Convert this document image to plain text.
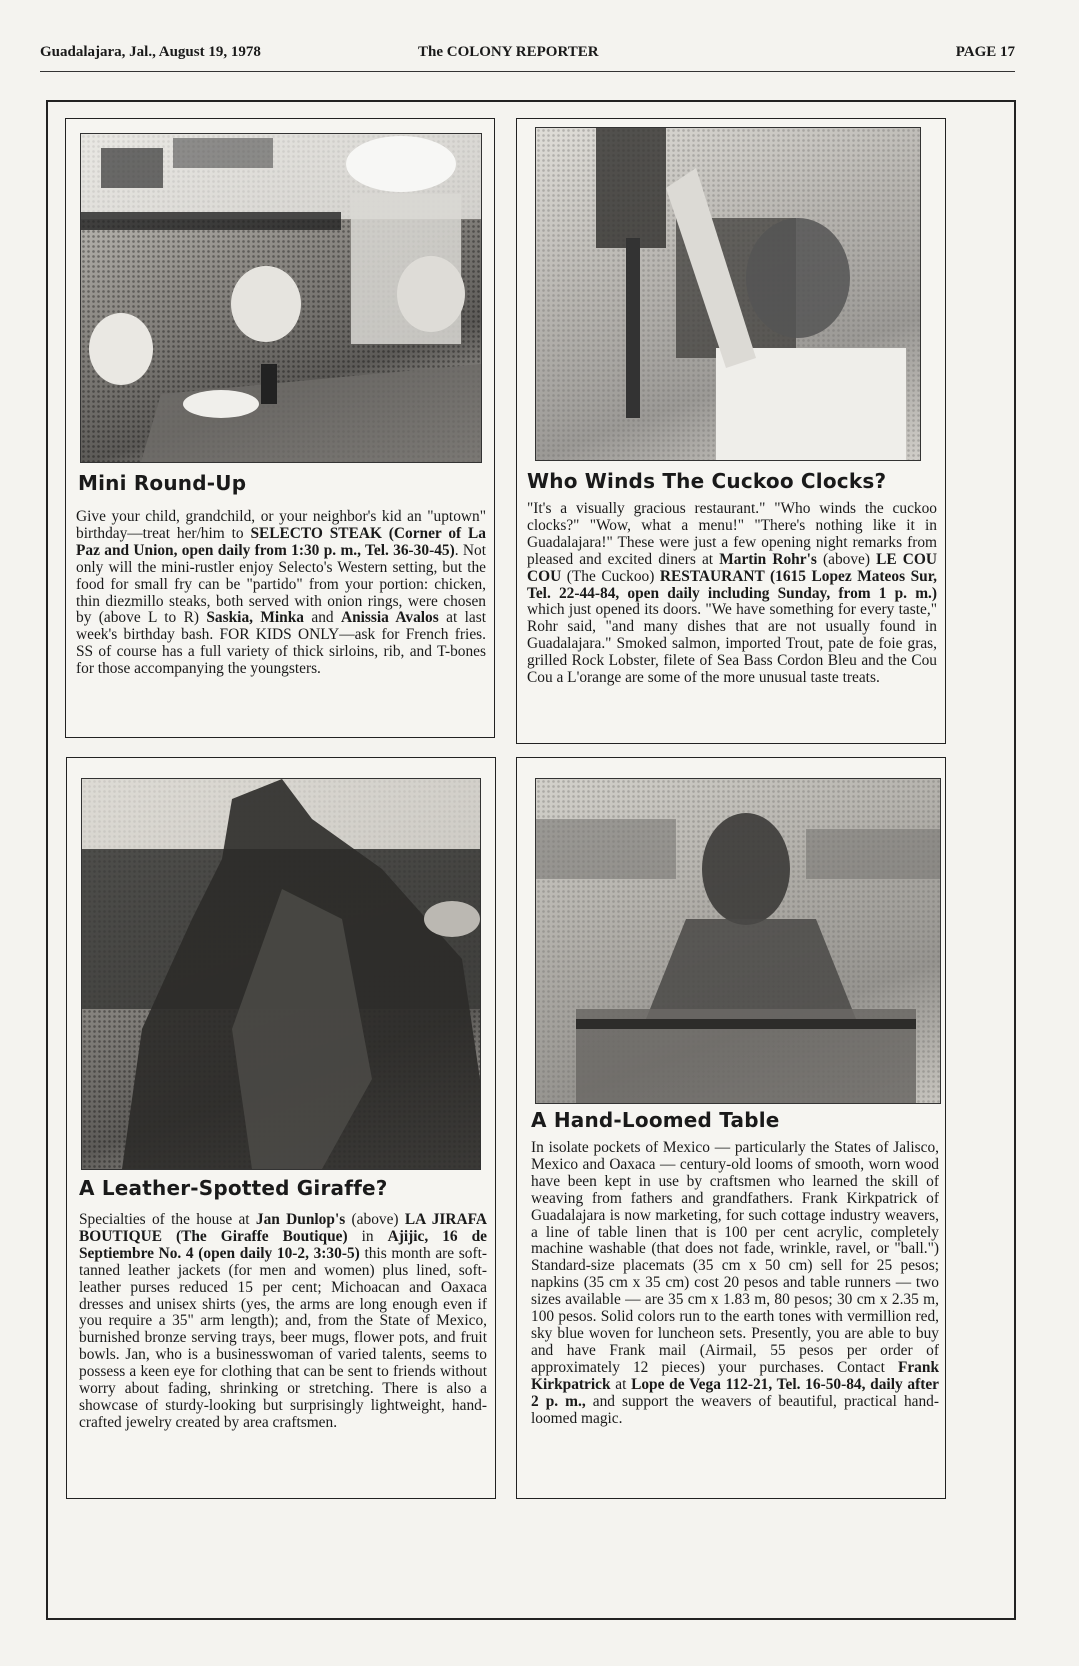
Guadalajara, Jal., August 19, 1978	The COLONY REPORTER	PAGE 17
Mini Round-Up
Give your child, grandchild, or your neighbor's kid an "uptown" birthday—treat her/him to SELECTO STEAK (Corner of La Paz and Union, open daily from 1:30 p. m., Tel. 36-30-45). Not only will the mini-rustler enjoy Selecto's Western setting, but the food for small fry can be "partido" from your portion: chicken, thin diezmillo steaks, both served with onion rings, were chosen by (above L to R) Saskia, Minka and Anissia Avalos at last week's birthday bash. FOR KIDS ONLY—ask for French fries. SS of course has a full variety of thick sirloins, rib, and T-bones for those accompanying the youngsters.
Who Winds The Cuckoo Clocks?
"It's a visually gracious restaurant." "Who winds the cuckoo clocks?" "Wow, what a menu!" "There's nothing like it in Guadalajara!" These were just a few opening night remarks from pleased and excited diners at Martin Rohr's (above) LE COU COU (The Cuckoo) RESTAURANT (1615 Lopez Mateos Sur, Tel. 22-44-84, open daily including Sunday, from 1 p. m.) which just opened its doors. "We have something for every taste," Rohr said, "and many dishes that are not usually found in Guadalajara." Smoked salmon, imported Trout, pate de foie gras, grilled Rock Lobster, filete of Sea Bass Cordon Bleu and the Cou Cou a L'orange are some of the more unusual taste treats.
A Leather-Spotted Giraffe?
Specialties of the house at Jan Dunlop's (above) LA JIRAFA BOUTIQUE (The Giraffe Boutique) in Ajijic, 16 de Septiembre No. 4 (open daily 10-2, 3:30-5) this month are soft-tanned leather jackets (for men and women) plus lined, soft-leather purses reduced 15 per cent; Michoacan and Oaxaca dresses and unisex shirts (yes, the arms are long enough even if you require a 35" arm length); and, from the State of Mexico, burnished bronze serving trays, beer mugs, flower pots, and fruit bowls. Jan, who is a businesswoman of varied talents, seems to possess a keen eye for clothing that can be sent to friends without worry about fading, shrinking or stretching. There is also a showcase of sturdy-looking but surprisingly lightweight, hand-crafted jewelry created by area craftsmen.
A Hand-Loomed Table
In isolate pockets of Mexico — particularly the States of Jalisco, Mexico and Oaxaca — century-old looms of smooth, worn wood have been kept in use by craftsmen who learned the skill of weaving from fathers and grandfathers. Frank Kirkpatrick of Guadalajara is now marketing, for such cottage industry weavers, a line of table linen that is 100 per cent acrylic, completely machine washable (that does not fade, wrinkle, ravel, or "ball.") Standard-size placemats (35 cm x 50 cm) sell for 25 pesos; napkins (35 cm x 35 cm) cost 20 pesos and table runners — two sizes available — are 35 cm x 1.83 m, 80 pesos; 30 cm x 2.35 m, 100 pesos. Solid colors run to the earth tones with vermillion red, sky blue woven for luncheon sets. Presently, you are able to buy and have Frank mail (Airmail, 55 pesos per order of approximately 12 pieces) your purchases. Contact Frank Kirkpatrick at Lope de Vega 112-21, Tel. 16-50-84, daily after 2 p. m., and support the weavers of beautiful, practical hand-loomed magic.
